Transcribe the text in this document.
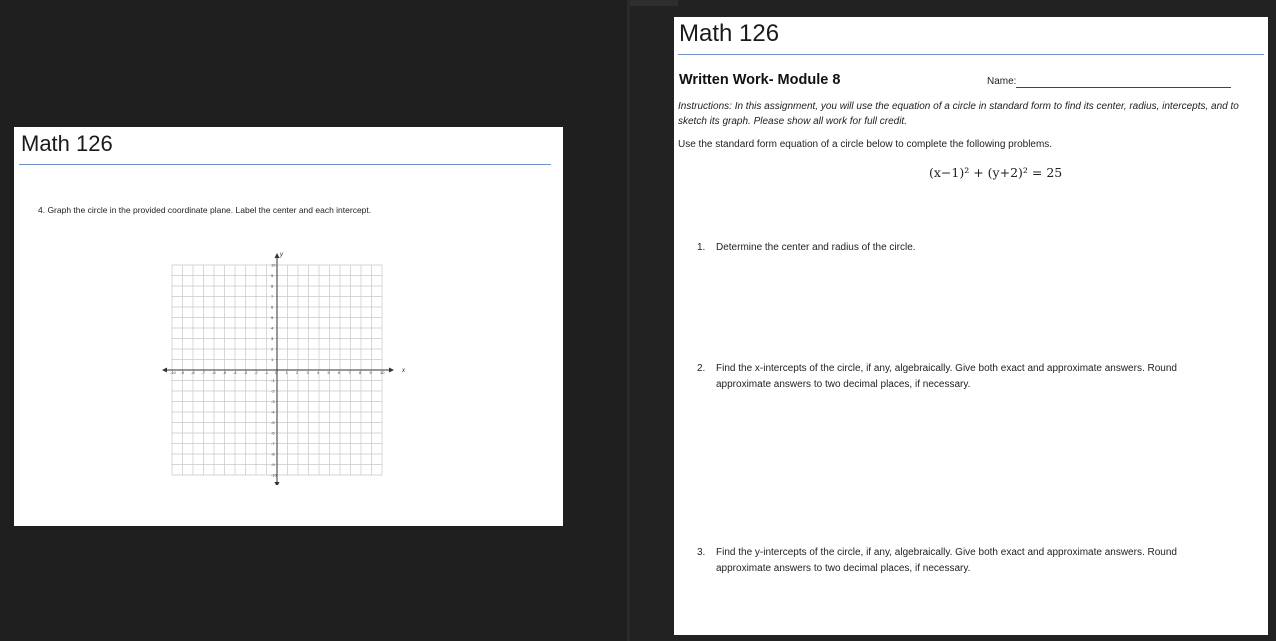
Math 126
4. Graph the circle in the provided coordinate plane. Label the center and each intercept.
x
y
-10 -9 -8 -7 -6 -5 -4 -3 -2 -1 0 1 2 3 4 5 6 7 8 9 10
10
9
8
7
6
5
4
3
2
1
-1
-2
-3
-4
-5
-6
-7
-8
-9
-10
Math 126
Written Work- Module 8	Name:
Instructions: In this assignment, you will use the equation of a circle in standard form to find its center, radius, intercepts, and to sketch its graph. Please show all work for full credit.
Use the standard form equation of a circle below to complete the following problems.
(x−1)² + (y+2)² = 25
1. Determine the center and radius of the circle.
2. Find the x-intercepts of the circle, if any, algebraically. Give both exact and approximate answers. Round approximate answers to two decimal places, if necessary.
3. Find the y-intercepts of the circle, if any, algebraically. Give both exact and approximate answers. Round approximate answers to two decimal places, if necessary.
